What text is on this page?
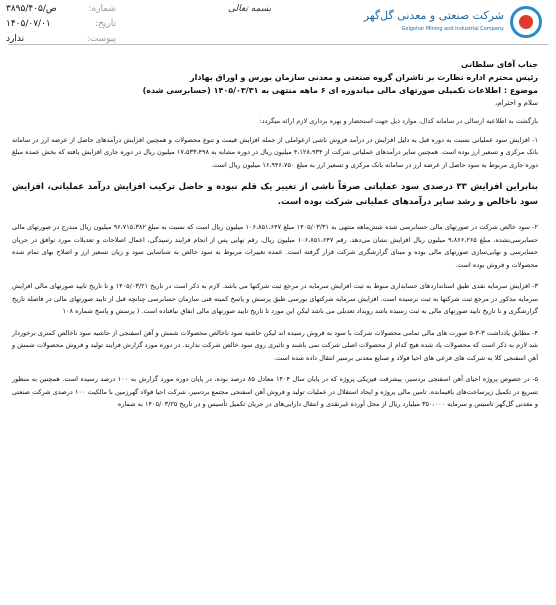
شرکت صنعتی و معدنی گل‌گهر
Golgohar Mining and Industrial Company
بسمه تعالی
شماره:
۳۸۹۵/ص/۴۰۵
تاریخ:
۱۴۰۵/۰۷/۰۱
پیوست:
ندارد
جناب آقای سلطانی
رئیس محترم اداره نظارت بر ناشران گروه صنعتی و معدنی سازمان بورس و اوراق بهادار
موضوع : اطلاعات تکمیلی صورتهای مالی میاندوره ای ۶ ماهه منتهی به ۱۴۰۵/۰۳/۳۱ (حسابرسی شده)
سلام و احترام،
بازگشت به اطلاعیه ارسالی در سامانه کدال، موارد ذیل جهت استحضار و بهره برداری لازم ارائه میگردد:

۱- افزایش سود عملیاتی نسبت به دوره قبل به دلیل افزایش در درآمد فروش ناشی ازعواملی از جمله افزایش قیمت و تنوع محصولات و همچنین افزایش درآمدهای حاصل از عرضه ارز در سامانه بانک مرکزی و تسعیر ارز بوده است. همچنین سایر درآمدهای عملیاتی شرکت از ۴،۱۲۸،۹۳۴ میلیون ریال در دوره مشابه به ۱۷،۵۳۳،۴۹۸ میلیون ریال در دوره جاری افزایش یافته که بخش عمده مبلغ دوره جاری مربوط به سود حاصل از عرضه ارز در سامانه بانک مرکزی و تسعیر ارز به مبلغ ۱۶،۹۴۶،۷۵۰ میلیون ریال است.

بنابراین افزایش ۳۳ درصدی سود عملیاتی صرفاً ناشی از تغییر یک قلم نبوده و حاصل ترکیب افزایش درآمد عملیاتی، افزایش سود ناخالص و رشد سایر درآمدهای عملیاتی شرکت بوده است.

۲- سود خالص شرکت در صورتهای مالی حسابرسی شده شش‌ماهه منتهی به ۱۴۰۵/۰۳/۳۱ مبلغ ۱۰۶،۸۵۱،۶۴۷ میلیون ریال است که نسبت به مبلغ ۹۶،۷۱۵،۳۸۲ میلیون ریال مندرج در صورتهای مالی حسابرسی‌نشده، مبلغ ۹،۸۶۶،۲۶۵ میلیون ریال افزایش نشان می‌دهد. رقم ۱۰۶،۸۵۱،۶۴۷ میلیون ریال، رقم نهایی پس از انجام فرایند رسیدگی، اعمال اصلاحات و تعدیلات مورد توافق در جریان حسابرسی و نهایی‌سازی صورتهای مالی بوده و مبنای گزارشگری شرکت قرار گرفته است. عمده تغییرات مربوط به سود خالص به شناسایی سود و زیان تسعیر ارز و اصلاح بهای تمام شده محصولات و فروش بوده است.

۳- افزایش سرمایه نقدی طبق استانداردهای حسابداری منوط به ثبت افزایش سرمایه در مرجع ثبت شرکتها می باشد. لازم به ذکر است در تاریخ ۱۴۰۵/۰۳/۲۱ و تا تاریخ تایید صورتهای مالی افزایش سرمایه مذکور در مرجع ثبت شرکتها به ثبت نرسیده است. افزایش سرمایه شرکتهای بورسی طبق پرسش و پاسخ کمیته فنی سازمان حسابرسی چنانچه قبل از تایید صورتهای مالی در فاصله تاریخ گزارشگری و تا تاریخ تایید صورتهای مالی به ثبت رسیده باشد رویداد تعدیلی می باشد لیکن این مورد تا تاریخ تایید صورتهای مالی اتفاق نیافتاده است. ( پرسش و پاسخ شماره ۱۰۸

۴- مطابق یادداشت ۳-۳-۵ صورت های مالی تمامی محصولات شرکت با سود به فروش رسیده اند لیکن حاشیه سود ناخالص محصولات شمش و آهن اسفنجی از حاشیه سود ناخالص کمتری برخوردار شد لازم به ذکر است که محصولات یاد شده هیچ کدام از محصولات اصلی شرکت نمی باشند و تاثیری روی سود خالص شرکت ندارند. در دوره مورد گزارش فرایند تولید و فروش محصولات شمش و آهن اسفنجی کلا به شرکت های فرعی های احیا فولاد و صنایع معدنی برسیر انتقال داده شده است.

۵- در خصوص پروژه احیای آهن اسفنجی بردسیر، پیشرفت فیزیکی پروژه که در پایان سال ۱۴۰۴ معادل ۸۵ درصد بوده، در پایان دوره مورد گزارش به ۱۰۰ درصد رسیده است. همچنین به منظور تسریع در تکمیل زیرساخت‌های باقیمانده، تامین مالی پروژه و ایجاد استقلال در عملیات تولید و فروش آهن اسفنجی مجتمع بردسیر، شرکت احیا فولاد گهرزمین با مالکیت ۱۰۰ درصدی شرکت صنعتی و معدنی گل‌گهر تاسیس و سرمایه ۳۵۰،۰۰۰ میلیارد ریال از محل آورده غیرنقدی و انتقال دارایی‌های در جریان تکمیل تأسیس و در تاریخ ۱۴۰۵/۰۳/۲۵ به شماره
